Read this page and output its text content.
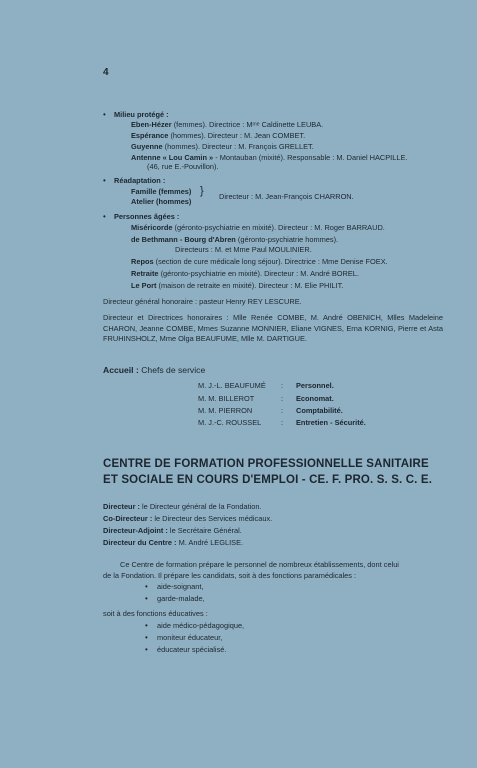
4
• Milieu protégé :
Eben-Hézer (femmes). Directrice : Mᵐᵉ Caldinette LEUBA.
Espérance (hommes). Directeur : M. Jean COMBET.
Guyenne (hommes). Directeur : M. François GRELLET.
Antenne « Lou Camin » - Montauban (mixité). Responsable : M. Daniel HACPILLE.
(46, rue E.-Pouvillon).
• Réadaptation :
Famille (femmes)
Atelier (hommes)
} Directeur : M. Jean-François CHARRON.
• Personnes âgées :
Miséricorde (géronto-psychiatrie en mixité). Directeur : M. Roger BARRAUD.
de Bethmann - Bourg d'Abren (géronto-psychiatrie hommes).
Directeurs : M. et Mme Paul MOULINIER.
Repos (section de cure médicale long séjour). Directrice : Mme Denise FOEX.
Retraite (géronto-psychiatrie en mixité). Directeur : M. André BOREL.
Le Port (maison de retraite en mixité). Directeur : M. Elie PHILIT.
Directeur général honoraire : pasteur Henry REY LESCURE.
Directeur et Directrices honoraires : Mlle Renée COMBE, M. André OBENICH, Mlles Madeleine CHARON, Jeanne COMBE, Mmes Suzanne MONNIER, Eliane VIGNES, Erna KORNIG, Pierre et Asta FRUHINSHOLZ, Mme Olga BEAUFUME, Mlle M. DARTIGUE.
Accueil : Chefs de service
M. J.-L. BEAUFUMÉ : Personnel.
M. M. BILLEROT	: Economat.
M. M. PIERRON	: Comptabilité.
M. J.-C. ROUSSEL	: Entretien - Sécurité.
CENTRE DE FORMATION PROFESSIONNELLE SANITAIRE
ET SOCIALE EN COURS D'EMPLOI - CE. F. PRO. S. S. C. E.
Directeur : le Directeur général de la Fondation.
Co-Directeur : le Directeur des Services médicaux.
Directeur-Adjoint : le Secrétaire Général.
Directeur du Centre : M. André LEGLISE.
Ce Centre de formation prépare le personnel de nombreux établissements, dont celui
de la Fondation. Il prépare les candidats, soit à des fonctions paramédicales :
• aide-soignant,
• garde-malade,
soit à des fonctions éducatives :
• aide médico-pédagogique,
• moniteur éducateur,
• éducateur spécialisé.
